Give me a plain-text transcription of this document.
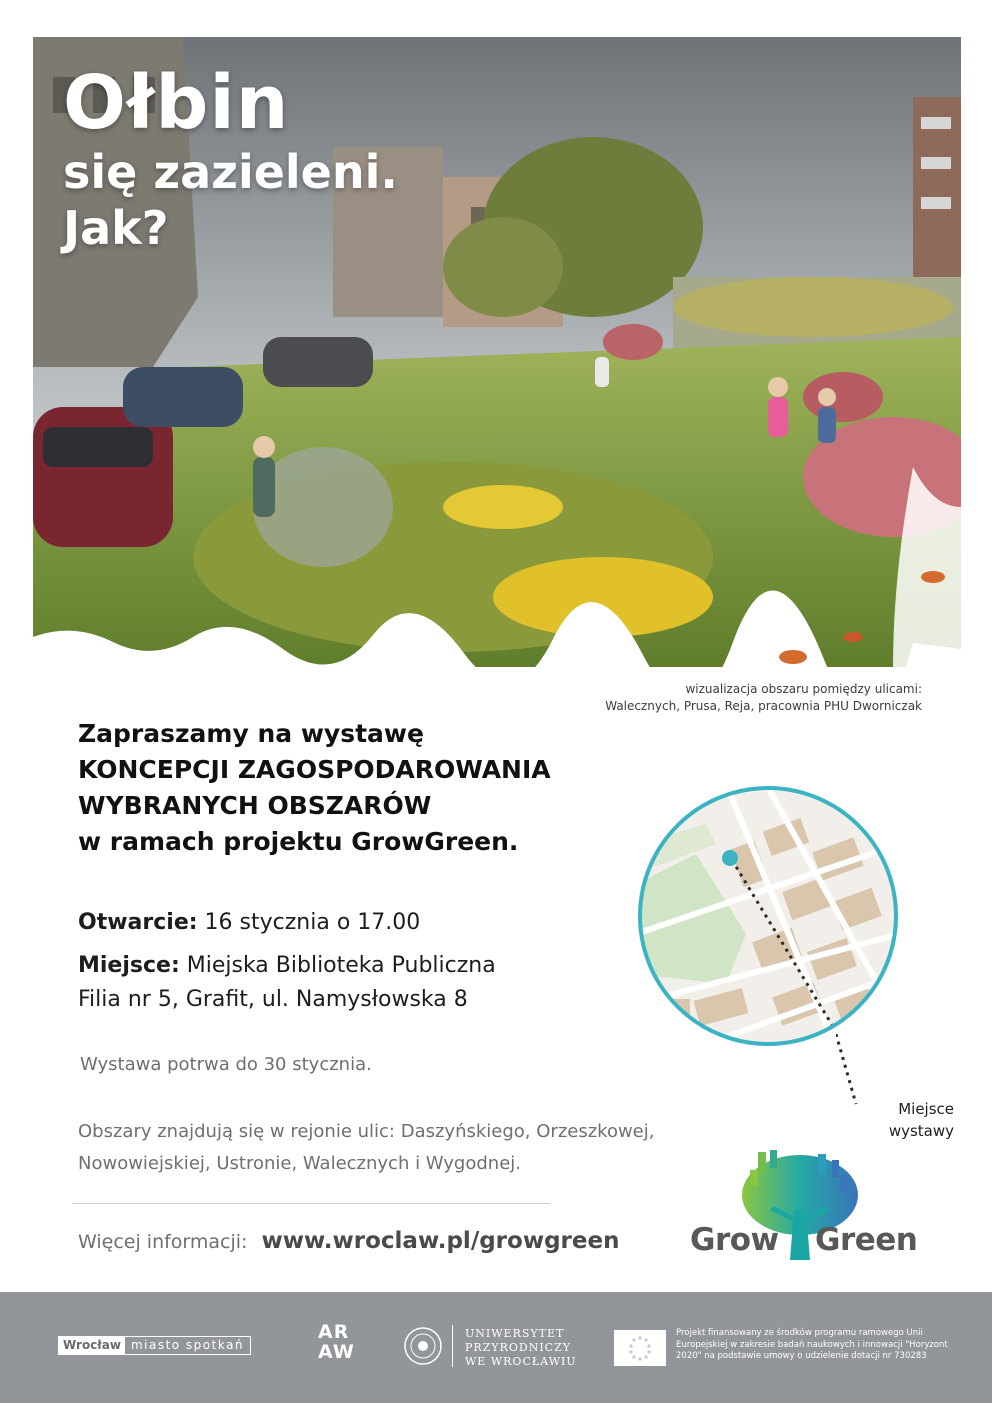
Ołbin
się zazieleni.
Jak?
wizualizacja obszaru pomiędzy ulicami:
Walecznych, Prusa, Reja, pracownia PHU Dworniczak
Zapraszamy na wystawę
KONCEPCJI ZAGOSPODAROWANIA
WYBRANYCH OBSZARÓW
w ramach projektu GrowGreen.
Otwarcie: 16 stycznia o 17.00
Miejsce: Miejska Biblioteka Publiczna
Filia nr 5, Grafit, ul. Namysłowska 8
Wystawa potrwa do 30 stycznia.
Obszary znajdują się w rejonie ulic: Daszyńskiego, Orzeszkowej,
Nowowiejskiej, Ustronie, Walecznych i Wygodnej.
Więcej informacji: www.wroclaw.pl/growgreen
Miejsce
wystawy
Grow Green
Wrocław miasto spotkań
AR
AW
UNIWERSYTET
PRZYRODNICZY
WE WROCŁAWIU
Projekt finansowany ze środków programu ramowego Unii Europejskiej w zakresie badań naukowych i innowacji "Horyzont 2020" na podstawie umowy o udzielenie dotacji nr 730283
